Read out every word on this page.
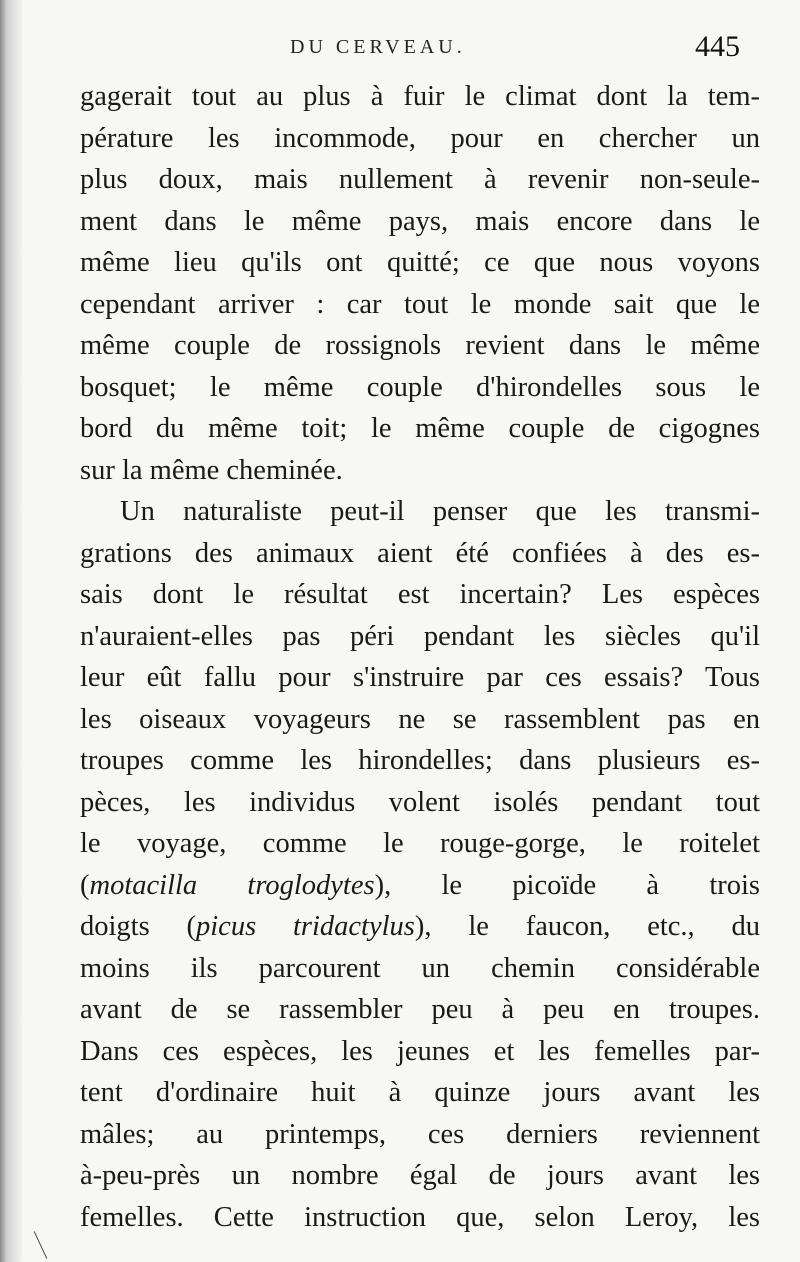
DU CERVEAU.	445
gagerait tout au plus à fuir le climat dont la tem-
pérature les incommode, pour en chercher un
plus doux, mais nullement à revenir non-seule-
ment dans le même pays, mais encore dans le
même lieu qu'ils ont quitté; ce que nous voyons
cependant arriver : car tout le monde sait que le
même couple de rossignols revient dans le même
bosquet; le même couple d'hirondelles sous le
bord du même toit; le même couple de cigognes
sur la même cheminée.
Un naturaliste peut-il penser que les transmi-
grations des animaux aient été confiées à des es-
sais dont le résultat est incertain? Les espèces
n'auraient-elles pas péri pendant les siècles qu'il
leur eût fallu pour s'instruire par ces essais? Tous
les oiseaux voyageurs ne se rassemblent pas en
troupes comme les hirondelles; dans plusieurs es-
pèces, les individus volent isolés pendant tout
le voyage, comme le rouge-gorge, le roitelet
(motacilla troglodytes), le picoïde à trois
doigts (picus tridactylus), le faucon, etc., du
moins ils parcourent un chemin considérable
avant de se rassembler peu à peu en troupes.
Dans ces espèces, les jeunes et les femelles par-
tent d'ordinaire huit à quinze jours avant les
mâles; au printemps, ces derniers reviennent
à-peu-près un nombre égal de jours avant les
femelles. Cette instruction que, selon Leroy, les
